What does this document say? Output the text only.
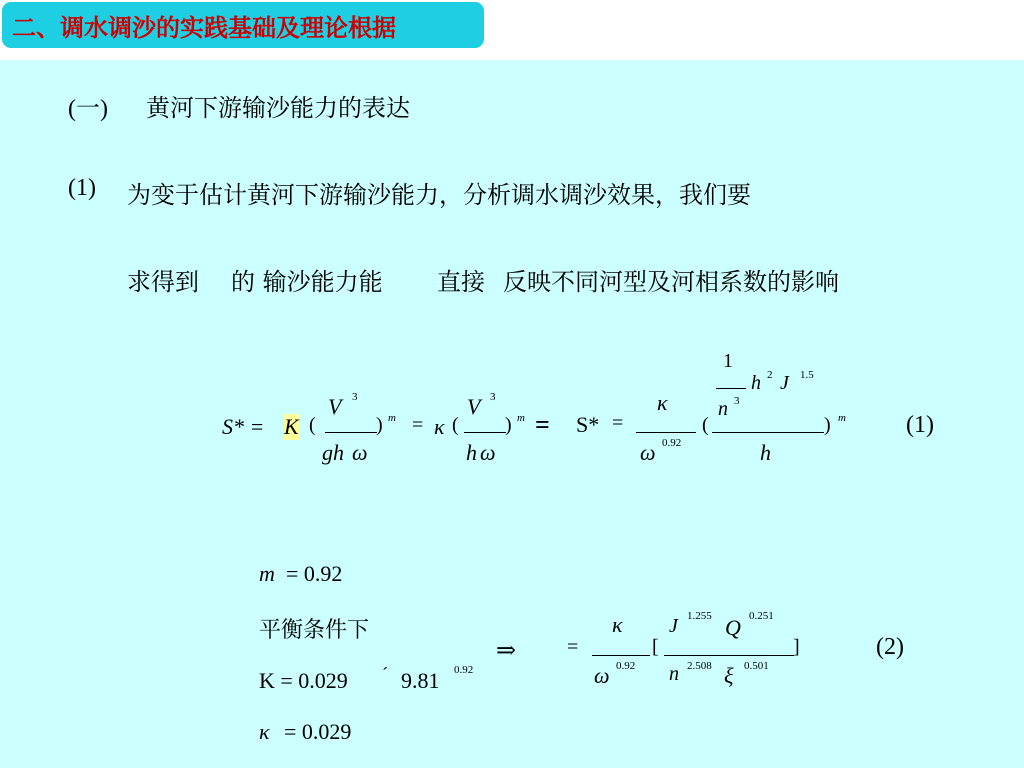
二、调水调沙的实践基础及理论根据
(一) 黄河下游输沙能力的表达
(1) 为变于估计黄河下游输沙能力，分析调水调沙效果，我们要
求得到 的 输沙能力能 直接 反映不同河型及河相系数的影响
S* = K (
V 3
gh ω
) m = κ (
V 3
h ω
) m = S* =
κ
ω 0.92
(
1
n 3
h 2 J 1.5
h
) m	(1)
m = 0.92
平衡条件下
K = 0.029 ´ 9.81 0.92
κ = 0.029
⇒	=
κ
ω 0.92
[
J 1.255 Q 0.251
n 2.508 ξ 0.501
]	(2)
